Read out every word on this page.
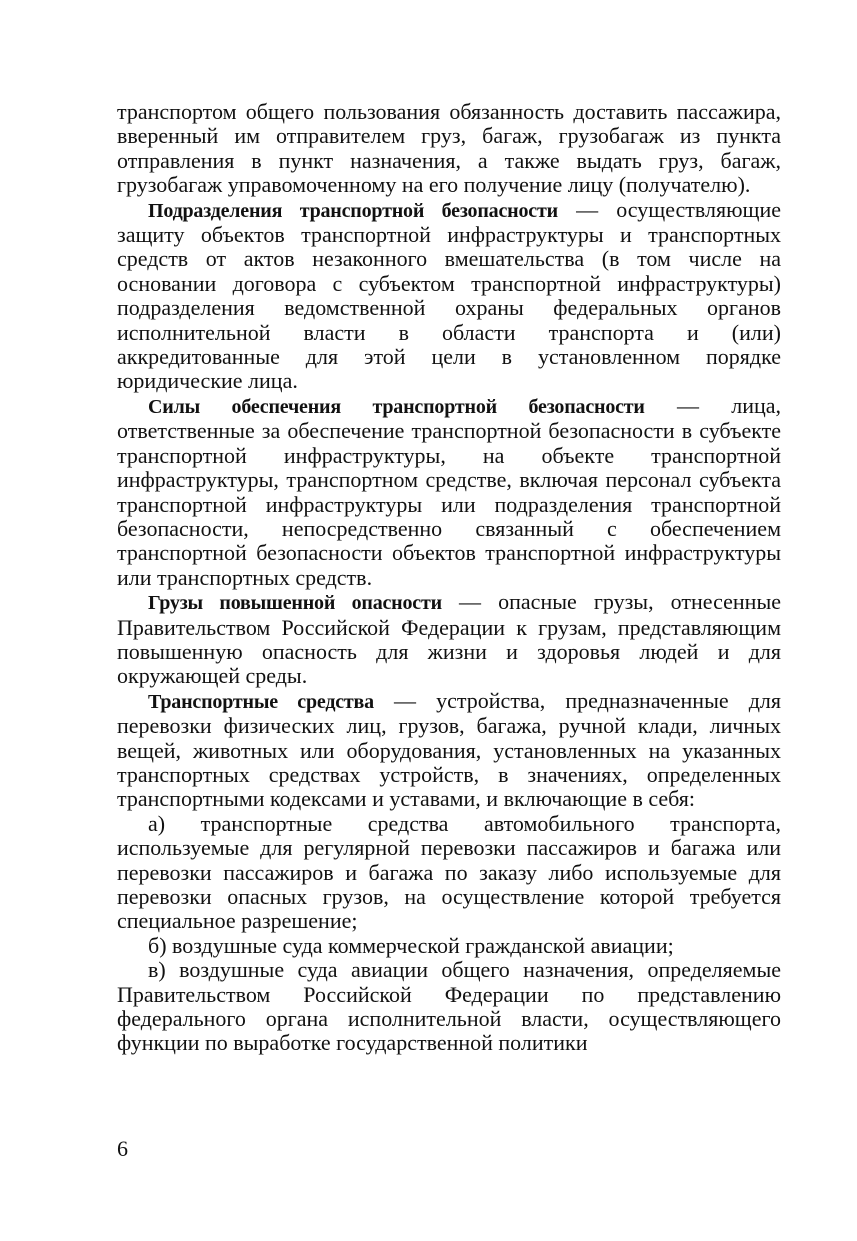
транспортом общего пользования обязанность доставить пассажира, вверенный им отправителем груз, багаж, грузобагаж из пункта отправления в пункт назначения, а также выдать груз, багаж, грузобагаж управомоченному на его получение лицу (получателю).

Подразделения транспортной безопасности — осуществляющие защиту объектов транспортной инфраструктуры и транспортных средств от актов незаконного вмешательства (в том числе на основании договора с субъектом транспортной инфраструктуры) подразделения ведомственной охраны федеральных органов исполнительной власти в области транспорта и (или) аккредитованные для этой цели в установленном порядке юридические лица.

Силы обеспечения транспортной безопасности — лица, ответственные за обеспечение транспортной безопасности в субъекте транспортной инфраструктуры, на объекте транспортной инфраструктуры, транспортном средстве, включая персонал субъекта транспортной инфраструктуры или подразделения транспортной безопасности, непосредственно связанный с обеспечением транспортной безопасности объектов транспортной инфраструктуры или транспортных средств.

Грузы повышенной опасности — опасные грузы, отнесенные Правительством Российской Федерации к грузам, представляющим повышенную опасность для жизни и здоровья людей и для окружающей среды.

Транспортные средства — устройства, предназначенные для перевозки физических лиц, грузов, багажа, ручной клади, личных вещей, животных или оборудования, установленных на указанных транспортных средствах устройств, в значениях, определенных транспортными кодексами и уставами, и включающие в себя:

а) транспортные средства автомобильного транспорта, используемые для регулярной перевозки пассажиров и багажа или перевозки пассажиров и багажа по заказу либо используемые для перевозки опасных грузов, на осуществление которой требуется специальное разрешение;

б) воздушные суда коммерческой гражданской авиации;

в) воздушные суда авиации общего назначения, определяемые Правительством Российской Федерации по представлению федерального органа исполнительной власти, осуществляющего функции по выработке государственной политики

6
